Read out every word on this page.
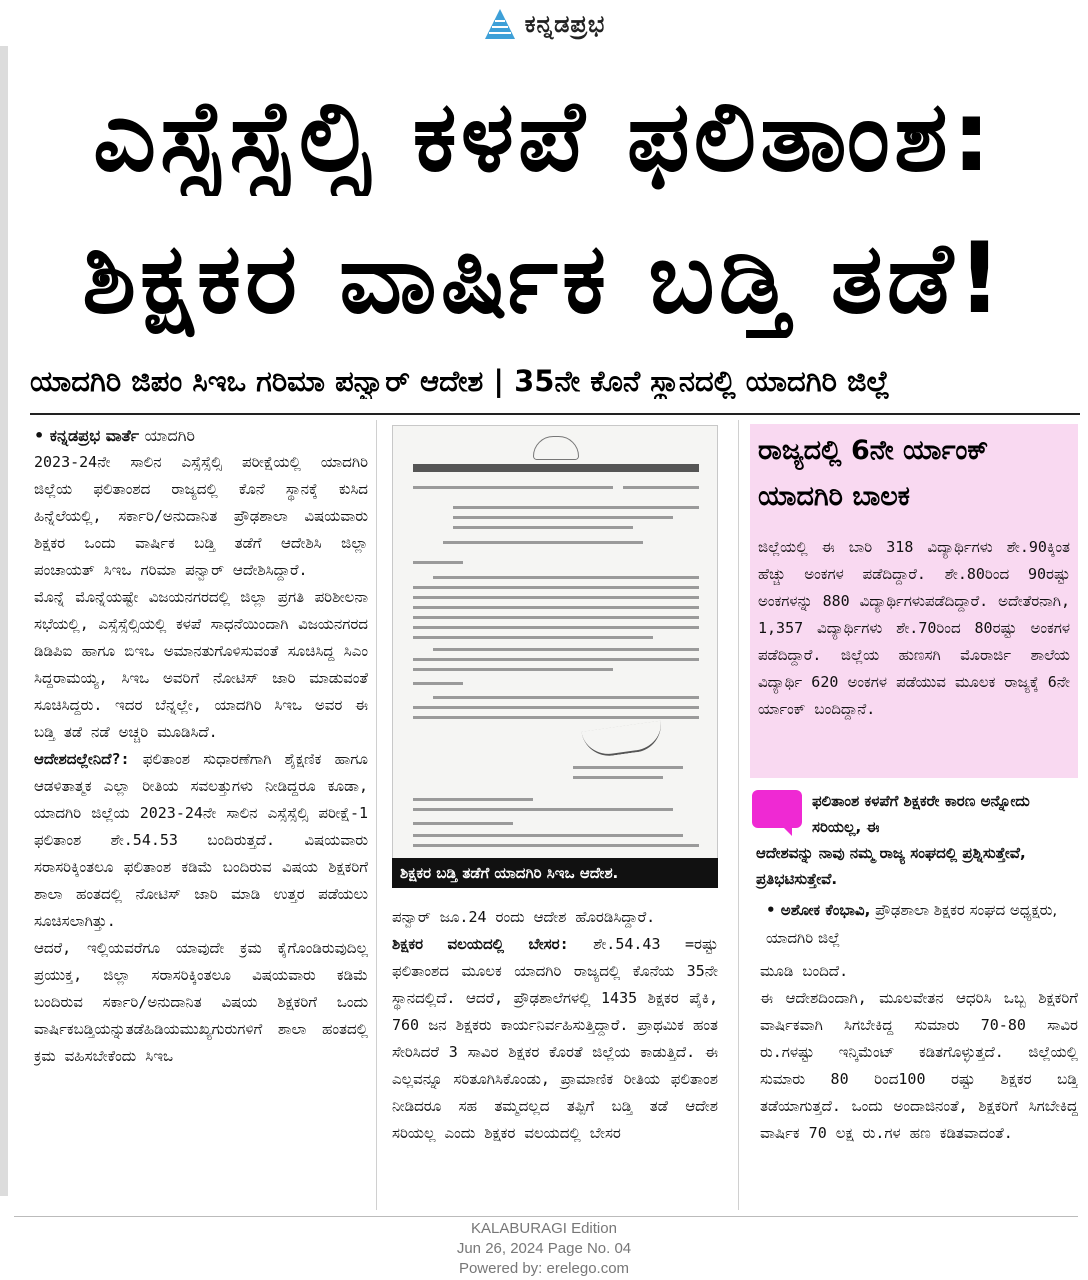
ಕನ್ನಡಪ್ರಭ
ಎಸ್ಸೆಸ್ಸೆಲ್ಸಿ ಕಳಪೆ ಫಲಿತಾಂಶ:
ಶಿಕ್ಷಕರ ವಾರ್ಷಿಕ ಬಡ್ತಿ ತಡೆ!
ಯಾದಗಿರಿ ಜಿಪಂ ಸಿಇಒ ಗರಿಮಾ ಪನ್ವಾರ್ ಆದೇಶ | 35ನೇ ಕೊನೆ ಸ್ಥಾನದಲ್ಲಿ ಯಾದಗಿರಿ ಜಿಲ್ಲೆ

• ಕನ್ನಡಪ್ರಭ ವಾರ್ತೆ ಯಾದಗಿರಿ

2023-24ನೇ ಸಾಲಿನ ಎಸ್ಸೆಸ್ಸೆಲ್ಸಿ ಪರೀಕ್ಷೆಯಲ್ಲಿ ಯಾದಗಿರಿ ಜಿಲ್ಲೆಯ ಫಲಿತಾಂಶದ ರಾಜ್ಯದಲ್ಲಿ ಕೊನೆ ಸ್ಥಾನಕ್ಕೆ ಕುಸಿದ ಹಿನ್ನೆಲೆಯಲ್ಲಿ, ಸರ್ಕಾರಿ/ಅನುದಾನಿತ ಪ್ರೌಢಶಾಲಾ ವಿಷಯವಾರು ಶಿಕ್ಷಕರ ಒಂದು ವಾರ್ಷಿಕ ಬಡ್ತಿ ತಡೆಗೆ ಆದೇಶಿಸಿ ಜಿಲ್ಲಾ ಪಂಚಾಯತ್ ಸಿಇಒ ಗರಿಮಾ ಪನ್ವಾರ್ ಆದೇಶಿಸಿದ್ದಾರೆ.

ಮೊನ್ನೆ ಮೊನ್ನೆಯಷ್ಟೇ ವಿಜಯನಗರದಲ್ಲಿ ಜಿಲ್ಲಾ ಪ್ರಗತಿ ಪರಿಶೀಲನಾ ಸಭೆಯಲ್ಲಿ, ಎಸ್ಸೆಸ್ಸೆಲ್ಸಿಯಲ್ಲಿ ಕಳಪೆ ಸಾಧನೆಯಿಂದಾಗಿ ವಿಜಯನಗರದ ಡಿಡಿಪಿಐ ಹಾಗೂ ಬಿಇಒ ಅಮಾನತುಗೊಳಿಸುವಂತೆ ಸೂಚಿಸಿದ್ದ ಸಿಎಂ ಸಿದ್ದರಾಮಯ್ಯ, ಸಿಇಒ ಅವರಿಗೆ ನೋಟಿಸ್ ಜಾರಿ ಮಾಡುವಂತೆ ಸೂಚಿಸಿದ್ದರು. ಇದರ ಬೆನ್ನಲ್ಲೇ, ಯಾದಗಿರಿ ಸಿಇಒ ಅವರ ಈ ಬಡ್ತಿ ತಡೆ ನಡೆ ಅಚ್ಚರಿ ಮೂಡಿಸಿದೆ.

ಆದೇಶದಲ್ಲೇನಿದೆ?: ಫಲಿತಾಂಶ ಸುಧಾರಣೆಗಾಗಿ ಶೈಕ್ಷಣಿಕ ಹಾಗೂ ಆಡಳಿತಾತ್ಮಕ ಎಲ್ಲಾ ರೀತಿಯ ಸವಲತ್ತುಗಳು ನೀಡಿದ್ದರೂ ಕೂಡಾ, ಯಾದಗಿರಿ ಜಿಲ್ಲೆಯ 2023-24ನೇ ಸಾಲಿನ ಎಸ್ಸೆಸ್ಸೆಲ್ಸಿ ಪರೀಕ್ಷೆ-1 ಫಲಿತಾಂಶ ಶೇ.54.53 ಬಂದಿರುತ್ತದೆ. ವಿಷಯವಾರು ಸರಾಸರಿಕ್ಕಿಂತಲೂ ಫಲಿತಾಂಶ ಕಡಿಮೆ ಬಂದಿರುವ ವಿಷಯ ಶಿಕ್ಷಕರಿಗೆ ಶಾಲಾ ಹಂತದಲ್ಲಿ ನೋಟಿಸ್ ಜಾರಿ ಮಾಡಿ ಉತ್ತರ ಪಡೆಯಲು ಸೂಚಿಸಲಾಗಿತ್ತು.

ಆದರೆ, ಇಲ್ಲಿಯವರೆಗೂ ಯಾವುದೇ ಕ್ರಮ ಕೈಗೊಂಡಿರುವುದಿಲ್ಲ ಪ್ರಯುಕ್ತ, ಜಿಲ್ಲಾ ಸರಾಸರಿಕ್ಕಿಂತಲೂ ವಿಷಯವಾರು ಕಡಿಮೆ ಬಂದಿರುವ ಸರ್ಕಾರಿ/ಅನುದಾನಿತ ವಿಷಯ ಶಿಕ್ಷಕರಿಗೆ ಒಂದು ವಾರ್ಷಿಕಬಡ್ತಿಯನ್ನುತಡೆಹಿಡಿಯಮುಖ್ಯಗುರುಗಳಿಗೆ ಶಾಲಾ ಹಂತದಲ್ಲಿ ಕ್ರಮ ವಹಿಸಬೇಕೆಂದು ಸಿಇಒ

ಶಿಕ್ಷಕರ ಬಡ್ತಿ ತಡೆಗೆ ಯಾದಗಿರಿ ಸಿಇಒ ಆದೇಶ.

ಪನ್ವಾರ್ ಜೂ.24 ರಂದು ಆದೇಶ ಹೊರಡಿಸಿದ್ದಾರೆ.

ಶಿಕ್ಷಕರ ವಲಯದಲ್ಲಿ ಬೇಸರ: ಶೇ.54.43 =ರಷ್ಟು ಫಲಿತಾಂಶದ ಮೂಲಕ ಯಾದಗಿರಿ ರಾಜ್ಯದಲ್ಲಿ ಕೊನೆಯ 35ನೇ ಸ್ಥಾನದಲ್ಲಿದೆ. ಆದರೆ, ಪ್ರೌಢಶಾಲೆಗಳಲ್ಲಿ 1435 ಶಿಕ್ಷಕರ ಪೈಕಿ, 760 ಜನ ಶಿಕ್ಷಕರು ಕಾರ್ಯನಿರ್ವಹಿಸುತ್ತಿದ್ದಾರೆ. ಪ್ರಾಥಮಿಕ ಹಂತ ಸೇರಿಸಿದರೆ 3 ಸಾವಿರ ಶಿಕ್ಷಕರ ಕೊರತೆ ಜಿಲ್ಲೆಯ ಕಾಡುತ್ತಿದೆ. ಈ ಎಲ್ಲವನ್ನೂ ಸರಿತೂಗಿಸಿಕೊಂಡು, ಪ್ರಾಮಾಣಿಕ ರೀತಿಯ ಫಲಿತಾಂಶ ನೀಡಿದರೂ ಸಹ ತಮ್ಮದಲ್ಲದ ತಪ್ಪಿಗೆ ಬಡ್ತಿ ತಡೆ ಆದೇಶ ಸರಿಯಲ್ಲ ಎಂದು ಶಿಕ್ಷಕರ ವಲಯದಲ್ಲಿ ಬೇಸರ

ರಾಜ್ಯದಲ್ಲಿ 6ನೇ ರ್ಯಾಂಕ್ ಯಾದಗಿರಿ ಬಾಲಕ
ಜಿಲ್ಲೆಯಲ್ಲಿ ಈ ಬಾರಿ 318 ವಿದ್ಯಾರ್ಥಿಗಳು ಶೇ.90ಕ್ಕಿಂತ ಹೆಚ್ಚು ಅಂಕಗಳ ಪಡೆದಿದ್ದಾರೆ. ಶೇ.80ರಿಂದ 90ರಷ್ಟು ಅಂಕಗಳನ್ನು 880 ವಿದ್ಯಾರ್ಥಿಗಳುಪಡೆದಿದ್ದಾರೆ. ಅದೇತೆರನಾಗಿ, 1,357 ವಿದ್ಯಾರ್ಥಿಗಳು ಶೇ.70ರಿಂದ 80ರಷ್ಟು ಅಂಕಗಳ ಪಡೆದಿದ್ದಾರೆ. ಜಿಲ್ಲೆಯ ಹುಣಸಗಿ ಮೊರಾರ್ಜಿ ಶಾಲೆಯ ವಿದ್ಯಾರ್ಥಿ 620 ಅಂಕಗಳ ಪಡೆಯುವ ಮೂಲಕ ರಾಜ್ಯಕ್ಕೆ 6ನೇ ರ್ಯಾಂಕ್ ಬಂದಿದ್ದಾನೆ.
ಫಲಿತಾಂಶ ಕಳಪೆಗೆ ಶಿಕ್ಷಕರೇ ಕಾರಣ ಅನ್ನೋದು ಸರಿಯಲ್ಲ, ಈ
ಆದೇಶವನ್ನು ನಾವು ನಮ್ಮ ರಾಜ್ಯ ಸಂಘದಲ್ಲಿ ಪ್ರಶ್ನಿಸುತ್ತೇವೆ, ಪ್ರತಿಭಟಿಸುತ್ತೇವೆ.
• ಅಶೋಕ ಕೆಂಭಾವಿ, ಪ್ರೌಢಶಾಲಾ ಶಿಕ್ಷಕರ ಸಂಘದ ಅಧ್ಯಕ್ಷರು, ಯಾದಗಿರಿ ಜಿಲ್ಲೆ

ಮೂಡಿ ಬಂದಿದೆ.

ಈ ಆದೇಶದಿಂದಾಗಿ, ಮೂಲವೇತನ ಆಧರಿಸಿ ಒಬ್ಬ ಶಿಕ್ಷಕರಿಗೆ ವಾರ್ಷಿಕವಾಗಿ ಸಿಗಬೇಕಿದ್ದ ಸುಮಾರು 70-80 ಸಾವಿರ ರು.ಗಳಷ್ಟು ಇನ್ಕಿಮೆಂಟ್ ಕಡಿತಗೊಳ್ಳುತ್ತದೆ. ಜಿಲ್ಲೆಯಲ್ಲಿ ಸುಮಾರು 80 ರಿಂದ100 ರಷ್ಟು ಶಿಕ್ಷಕರ ಬಡ್ತಿ ತಡೆಯಾಗುತ್ತದೆ. ಒಂದು ಅಂದಾಜಿನಂತೆ, ಶಿಕ್ಷಕರಿಗೆ ಸಿಗಬೇಕಿದ್ದ ವಾರ್ಷಿಕ 70 ಲಕ್ಷ ರು.ಗಳ ಹಣ ಕಡಿತವಾದಂತೆ.

KALABURAGI Edition
Jun 26, 2024 Page No. 04
Powered by: erelego.com
